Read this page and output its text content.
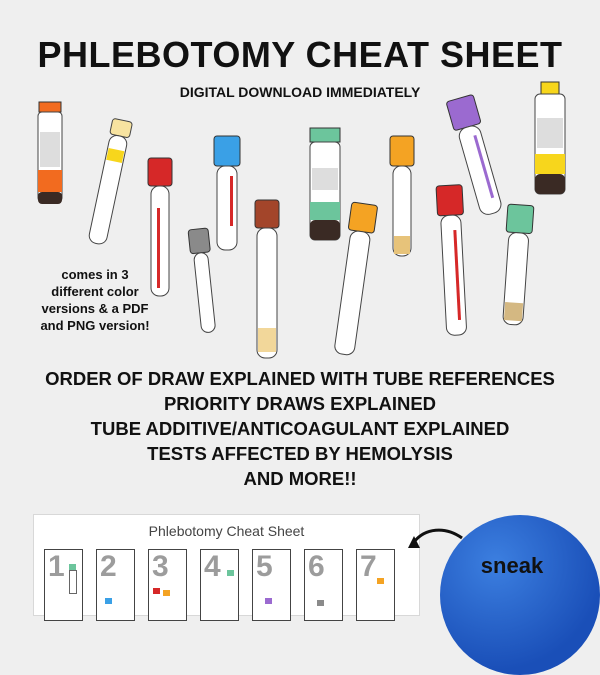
PHLEBOTOMY CHEAT SHEET
DIGITAL DOWNLOAD IMMEDIATELY
comes in 3
different color
versions & a PDF
and PNG version!
ORDER OF DRAW EXPLAINED WITH TUBE REFERENCES
PRIORITY DRAWS EXPLAINED
TUBE ADDITIVE/ANTICOAGULANT EXPLAINED
TESTS AFFECTED BY HEMOLYSIS
AND MORE!!
Phlebotomy Cheat Sheet
1 2 3 4 5 6 7	sneak
